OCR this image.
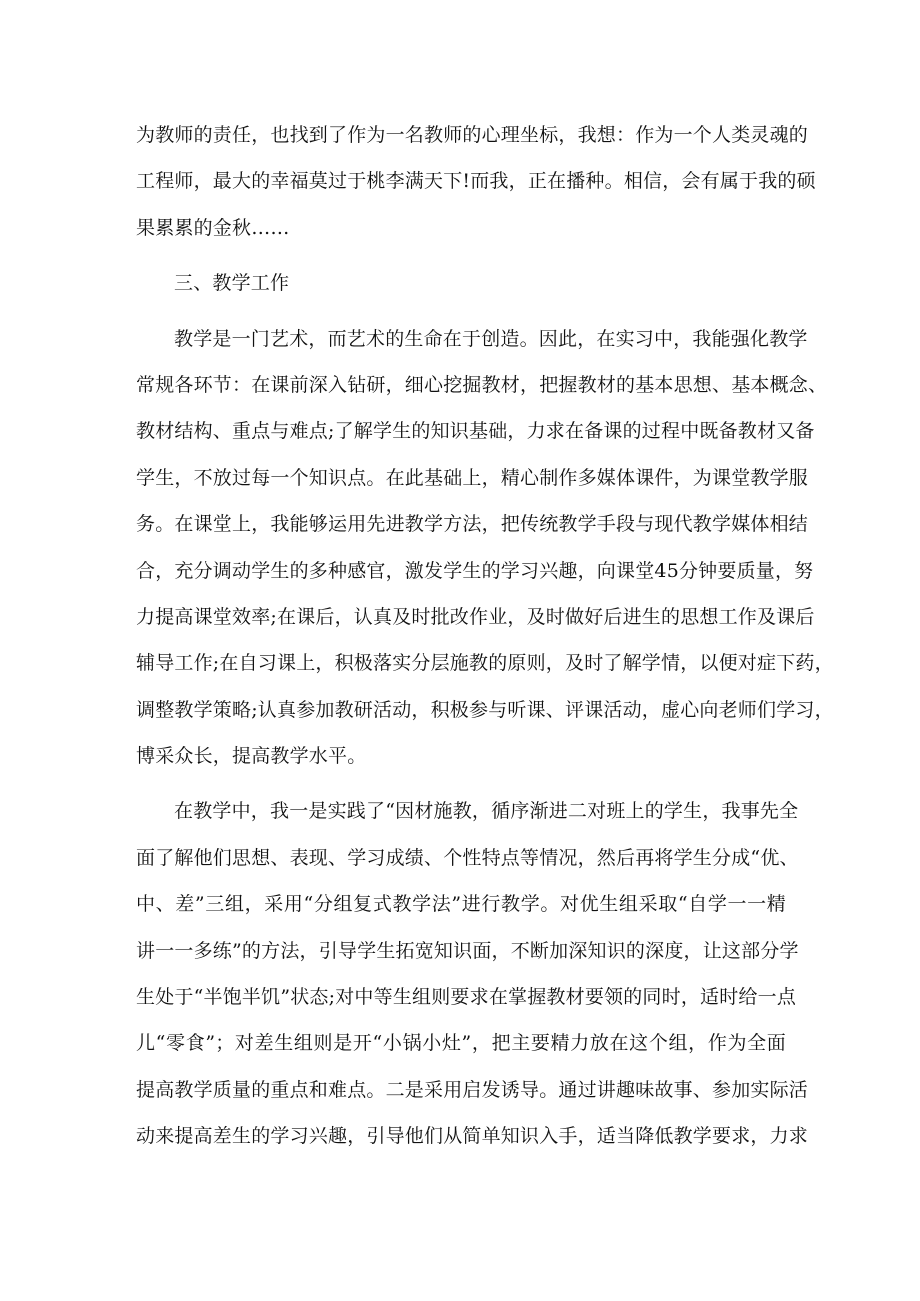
为教师的责任，也找到了作为一名教师的心理坐标，我想：作为一个人类灵魂的
工程师，最大的幸福莫过于桃李满天下!而我，正在播种。相信，会有属于我的硕
果累累的金秋……
三、教学工作
教学是一门艺术，而艺术的生命在于创造。因此，在实习中，我能强化教学
常规各环节：在课前深入钻研，细心挖掘教材，把握教材的基本思想、基本概念、
教材结构、重点与难点;了解学生的知识基础，力求在备课的过程中既备教材又备
学生，不放过每一个知识点。在此基础上，精心制作多媒体课件，为课堂教学服
务。在课堂上，我能够运用先进教学方法，把传统教学手段与现代教学媒体相结
合，充分调动学生的多种感官，激发学生的学习兴趣，向课堂45分钟要质量，努
力提高课堂效率;在课后，认真及时批改作业，及时做好后进生的思想工作及课后
辅导工作;在自习课上，积极落实分层施教的原则，及时了解学情，以便对症下药，
调整教学策略;认真参加教研活动，积极参与听课、评课活动，虚心向老师们学习，
博采众长，提高教学水平。
在教学中，我一是实践了“因材施教，循序渐进二对班上的学生，我事先全
面了解他们思想、表现、学习成绩、个性特点等情况，然后再将学生分成“优、
中、差”三组，采用“分组复式教学法”进行教学。对优生组采取“自学一一精
讲一一多练”的方法，引导学生拓宽知识面，不断加深知识的深度，让这部分学
生处于“半饱半饥”状态;对中等生组则要求在掌握教材要领的同时，适时给一点
儿“零食”；对差生组则是开“小锅小灶”，把主要精力放在这个组，作为全面
提高教学质量的重点和难点。二是采用启发诱导。通过讲趣味故事、参加实际活
动来提高差生的学习兴趣，引导他们从简单知识入手，适当降低教学要求，力求
